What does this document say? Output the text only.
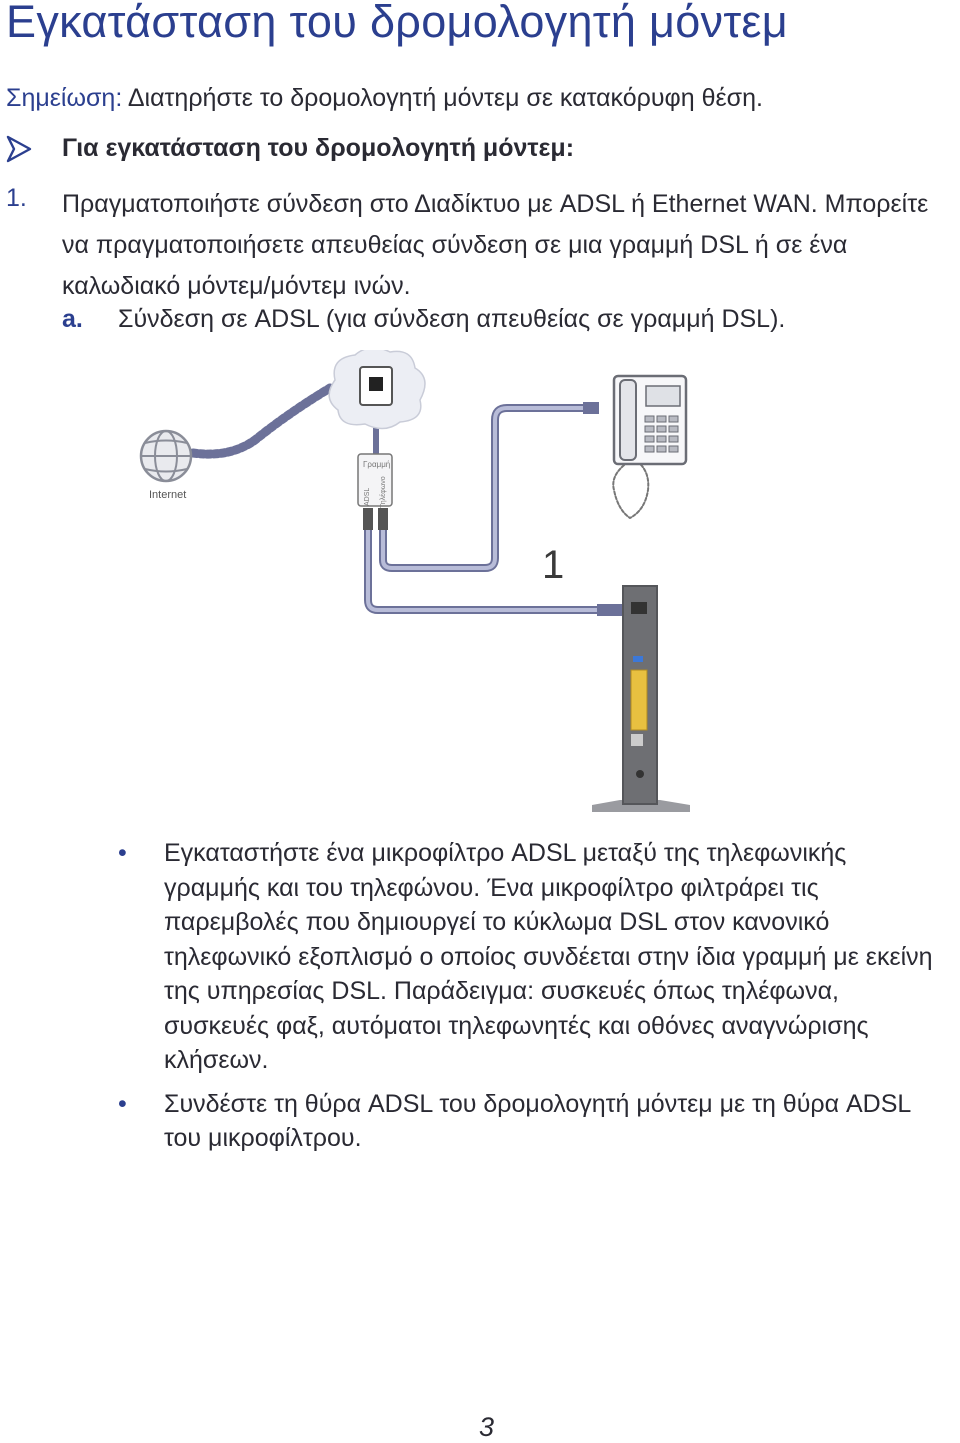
Εγκατάσταση του δρομολογητή μόντεμ
Σημείωση: Διατηρήστε το δρομολογητή μόντεμ σε κατακόρυφη θέση.
Για εγκατάσταση του δρομολογητή μόντεμ:
1. Πραγματοποιήστε σύνδεση στο Διαδίκτυο με ADSL ή Ethernet WAN. Μπορείτε να πραγματοποιήσετε απευθείας σύνδεση σε μια γραμμή DSL ή σε ένα καλωδιακό μόντεμ/μόντεμ ινών.
a. Σύνδεση σε ADSL (για σύνδεση απευθείας σε γραμμή DSL).
Internet
Γραμμή
ADSL Τηλέφωνο
1
• Εγκαταστήστε ένα μικροφίλτρο ADSL μεταξύ της τηλεφωνικής γραμμής και του τηλεφώνου. Ένα μικροφίλτρο φιλτράρει τις παρεμβολές που δημιουργεί το κύκλωμα DSL στον κανονικό τηλεφωνικό εξοπλισμό ο οποίος συνδέεται στην ίδια γραμμή με εκείνη της υπηρεσίας DSL. Παράδειγμα: συσκευές όπως τηλέφωνα, συσκευές φαξ, αυτόματοι τηλεφωνητές και οθόνες αναγνώρισης κλήσεων.
• Συνδέστε τη θύρα ADSL του δρομολογητή μόντεμ με τη θύρα ADSL του μικροφίλτρου.
3
